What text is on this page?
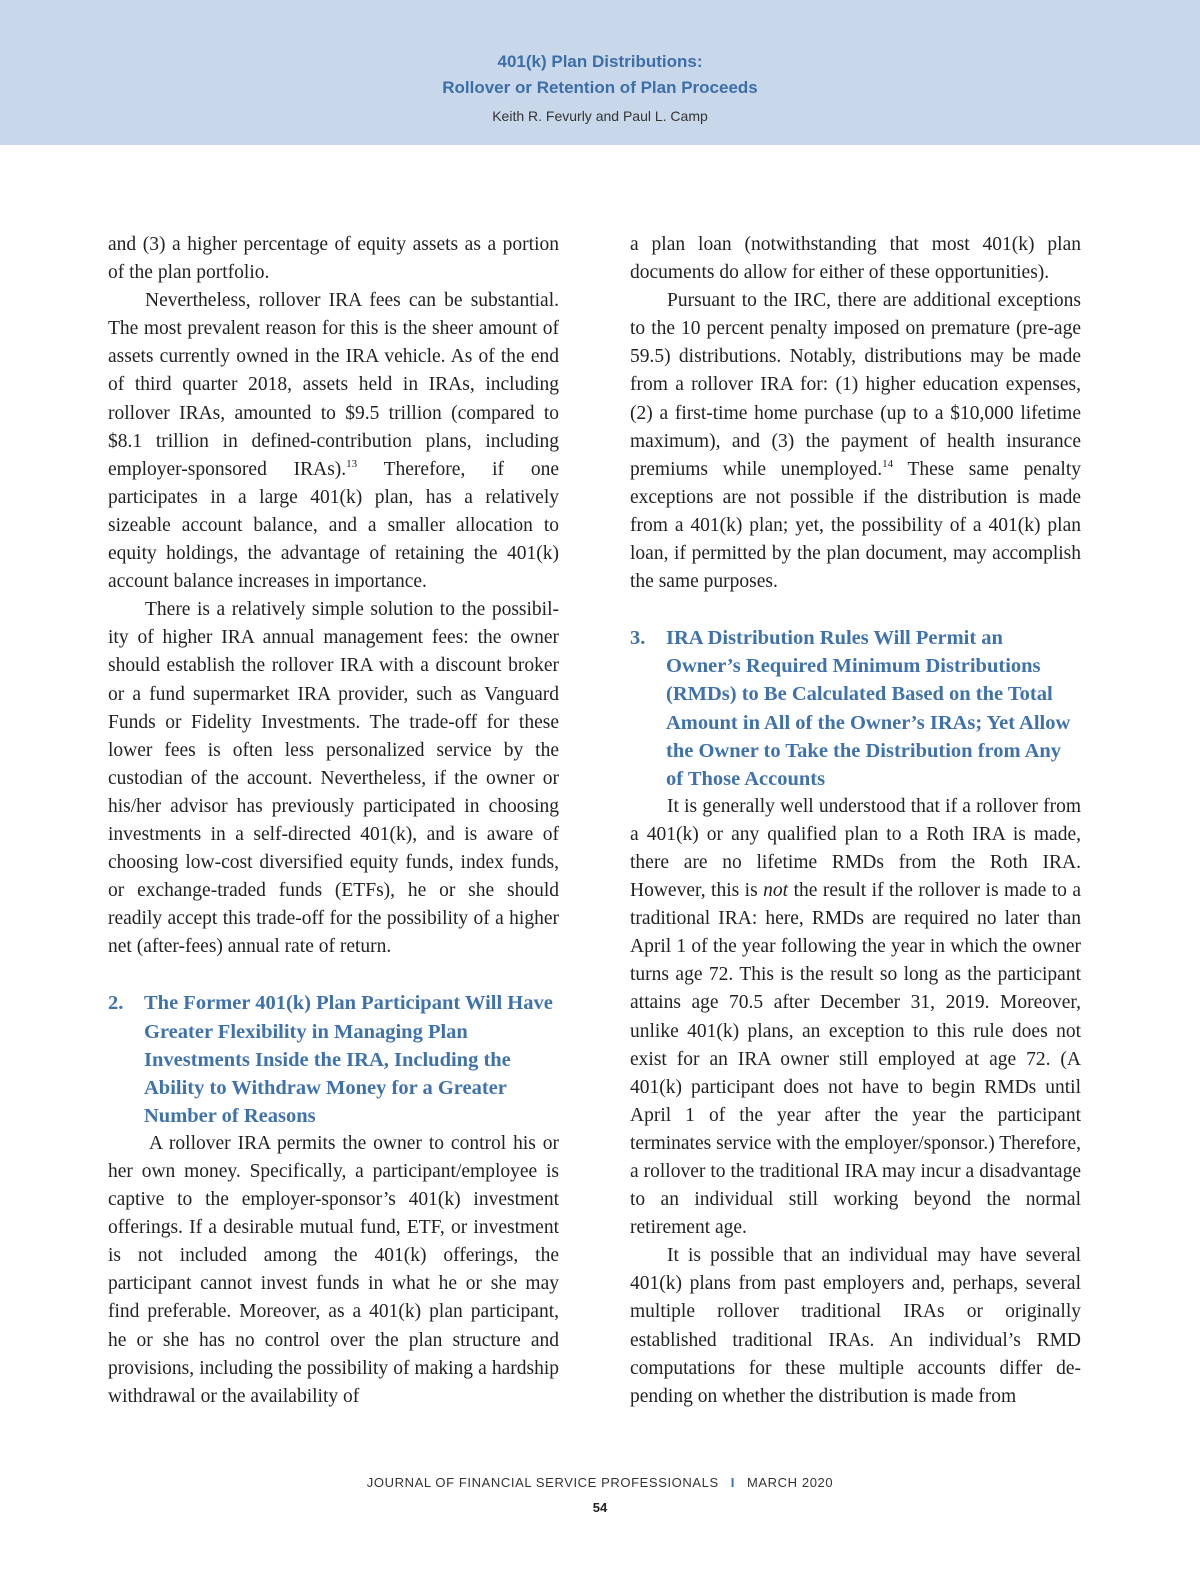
401(k) Plan Distributions:
Rollover or Retention of Plan Proceeds
Keith R. Fevurly and Paul L. Camp

and (3) a higher percentage of equity assets as a portion of the plan portfolio.

Nevertheless, rollover IRA fees can be substantial. The most prevalent reason for this is the sheer amount of assets currently owned in the IRA vehicle. As of the end of third quarter 2018, assets held in IRAs, including rollover IRAs, amounted to $9.5 trillion (compared to $8.1 trillion in defined-contribution plans, including employer-sponsored IRAs).$^{13}$ Therefore, if one participates in a large 401(k) plan, has a relatively sizeable account balance, and a smaller allocation to equity holdings, the advantage of retaining the 401(k) account balance increases in importance.

There is a relatively simple solution to the possibility of higher IRA annual management fees: the owner should establish the rollover IRA with a discount broker or a fund supermarket IRA provider, such as Vanguard Funds or Fidelity Investments. The trade-off for these lower fees is often less personalized service by the custodian of the account. Nevertheless, if the owner or his/her advisor has previously participated in choosing investments in a self-directed 401(k), and is aware of choosing low-cost diversified equity funds, index funds, or exchange-traded funds (ETFs), he or she should readily accept this trade-off for the possibility of a higher net (after-fees) annual rate of return.

2.	The Former 401(k) Plan Participant Will Have Greater Flexibility in Managing Plan Investments Inside the IRA, Including the Ability to Withdraw Money for a Greater Number of Reasons

A rollover IRA permits the owner to control his or her own money. Specifically, a participant/employee is captive to the employer-sponsor’s 401(k) investment offerings. If a desirable mutual fund, ETF, or investment is not included among the 401(k) offerings, the participant cannot invest funds in what he or she may find preferable. Moreover, as a 401(k) plan participant, he or she has no control over the plan structure and provisions, including the possibility of making a hardship withdrawal or the availability of

a plan loan (notwithstanding that most 401(k) plan documents do allow for either of these opportunities).

Pursuant to the IRC, there are additional exceptions to the 10 percent penalty imposed on premature (pre-age 59.5) distributions. Notably, distributions may be made from a rollover IRA for: (1) higher education expenses, (2) a first-time home purchase (up to a $10,000 lifetime maximum), and (3) the payment of health insurance premiums while unemployed.$^{14}$ These same penalty exceptions are not possible if the distribution is made from a 401(k) plan; yet, the possibility of a 401(k) plan loan, if permitted by the plan document, may accomplish the same purposes.

3.	IRA Distribution Rules Will Permit an Owner’s Required Minimum Distributions (RMDs) to Be Calculated Based on the Total Amount in All of the Owner’s IRAs; Yet Allow the Owner to Take the Distribution from Any of Those Accounts

It is generally well understood that if a rollover from a 401(k) or any qualified plan to a Roth IRA is made, there are no lifetime RMDs from the Roth IRA. However, this is not the result if the rollover is made to a traditional IRA: here, RMDs are required no later than April 1 of the year following the year in which the owner turns age 72. This is the result so long as the participant attains age 70.5 after December 31, 2019. Moreover, unlike 401(k) plans, an exception to this rule does not exist for an IRA owner still employed at age 72. (A 401(k) participant does not have to begin RMDs until April 1 of the year after the year the participant terminates service with the employer/sponsor.) Therefore, a rollover to the traditional IRA may incur a disadvantage to an individual still working beyond the normal retirement age.

It is possible that an individual may have several 401(k) plans from past employers and, perhaps, several multiple rollover traditional IRAs or originally established traditional IRAs. An individual’s RMD computations for these multiple accounts differ depending on whether the distribution is made from

JOURNAL OF FINANCIAL SERVICE PROFESSIONALS I MARCH 2020
54
